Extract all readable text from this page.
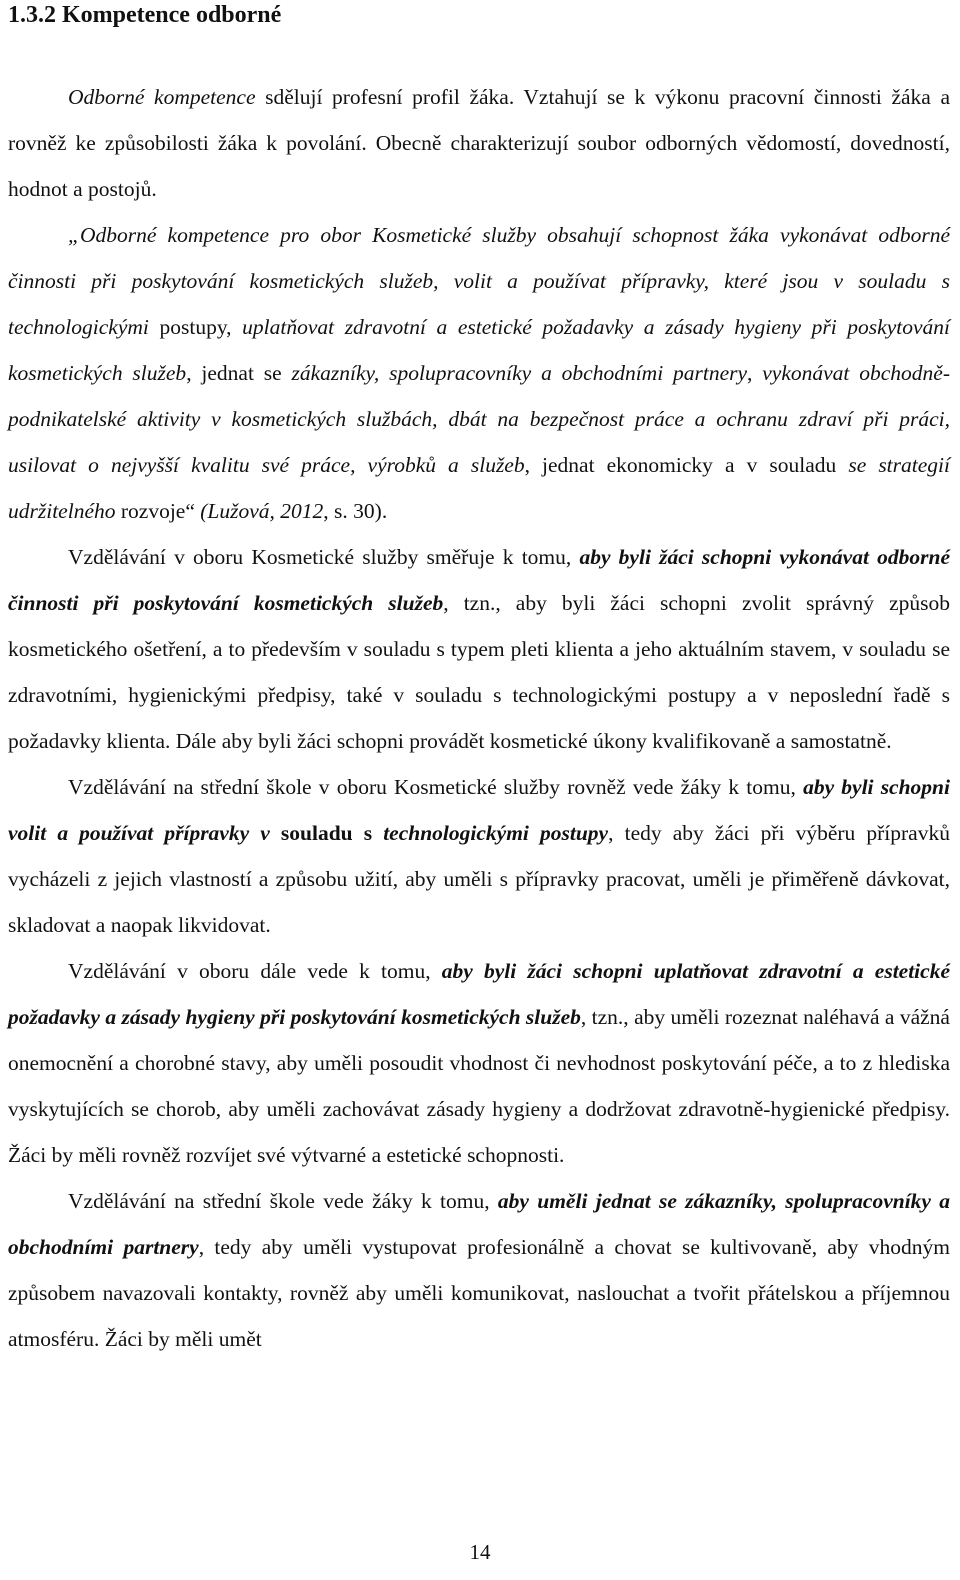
1.3.2 Kompetence odborné

Odborné kompetence sdělují profesní profil žáka. Vztahují se k výkonu pracovní činnosti žáka a rovněž ke způsobilosti žáka k povolání. Obecně charakterizují soubor odborných vědomostí, dovedností, hodnot a postojů.

„Odborné kompetence pro obor Kosmetické služby obsahují schopnost žáka vykonávat odborné činnosti při poskytování kosmetických služeb, volit a používat přípravky, které jsou v souladu s technologickými postupy, uplatňovat zdravotní a estetické požadavky a zásady hygieny při poskytování kosmetických služeb, jednat se zákazníky, spolupracovníky a obchodními partnery, vykonávat obchodně-podnikatelské aktivity v kosmetických službách, dbát na bezpečnost práce a ochranu zdraví při práci, usilovat o nejvyšší kvalitu své práce, výrobků a služeb, jednat ekonomicky a v souladu se strategií udržitelného rozvoje“ (Lužová, 2012, s. 30).

Vzdělávání v oboru Kosmetické služby směřuje k tomu, aby byli žáci schopni vykonávat odborné činnosti při poskytování kosmetických služeb, tzn., aby byli žáci schopni zvolit správný způsob kosmetického ošetření, a to především v souladu s typem pleti klienta a jeho aktuálním stavem, v souladu se zdravotními, hygienickými předpisy, také v souladu s technologickými postupy a v neposlední řadě s požadavky klienta. Dále aby byli žáci schopni provádět kosmetické úkony kvalifikovaně a samostatně.

Vzdělávání na střední škole v oboru Kosmetické služby rovněž vede žáky k tomu, aby byli schopni volit a používat přípravky v souladu s technologickými postupy, tedy aby žáci při výběru přípravků vycházeli z jejich vlastností a způsobu užití, aby uměli s přípravky pracovat, uměli je přiměřeně dávkovat, skladovat a naopak likvidovat.

Vzdělávání v oboru dále vede k tomu, aby byli žáci schopni uplatňovat zdravotní a estetické požadavky a zásady hygieny při poskytování kosmetických služeb, tzn., aby uměli rozeznat naléhavá a vážná onemocnění a chorobné stavy, aby uměli posoudit vhodnost či nevhodnost poskytování péče, a to z hlediska vyskytujících se chorob, aby uměli zachovávat zásady hygieny a dodržovat zdravotně-hygienické předpisy. Žáci by měli rovněž rozvíjet své výtvarné a estetické schopnosti.

Vzdělávání na střední škole vede žáky k tomu, aby uměli jednat se zákazníky, spolupracovníky a obchodními partnery, tedy aby uměli vystupovat profesionálně a chovat se kultivovaně, aby vhodným způsobem navazovali kontakty, rovněž aby uměli komunikovat, naslouchat a tvořit přátelskou a příjemnou atmosféru. Žáci by měli umět

14
